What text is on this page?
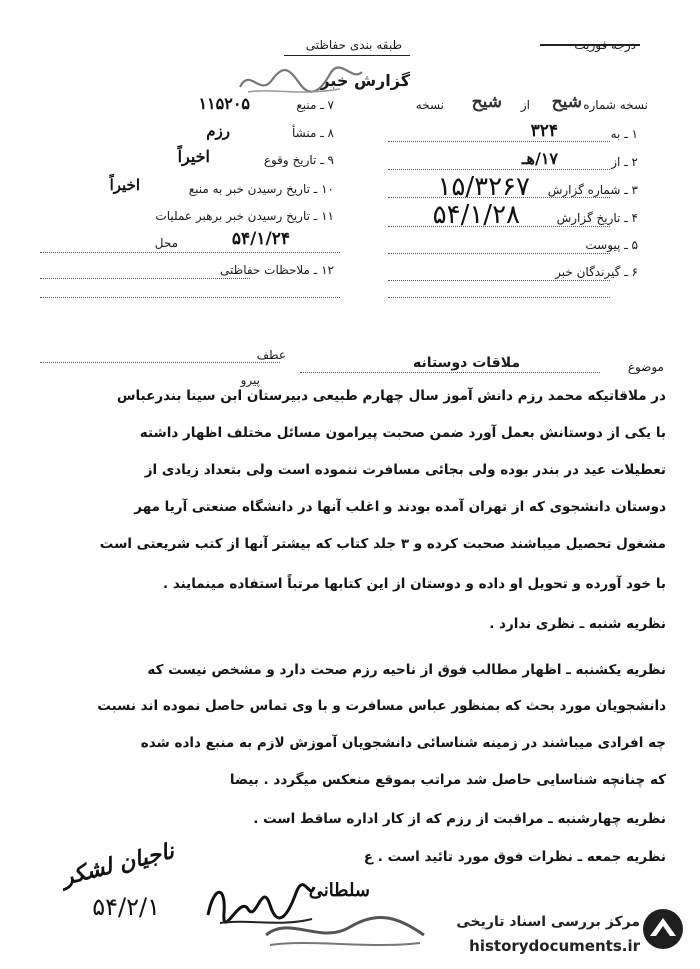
درجه فوریت
طبقه بندی حفاظتی
گزارش خبر
نسخه شماره
شیح
از
شیح
نسخه
۱ ـ به
۳۲۴
۲ ـ از
۱۷/هـ
۳ ـ شماره گزارش
۱۵/۳۲۶۷
۴ ـ تاریخ گزارش
۵۴/۱/۲۸
۵ ـ پیوست
۶ ـ گیرندگان خبر
۷ ـ منبع
۱۱۵۲۰۵
۸ ـ منشأ
رزم
۹ ـ تاریخ وقوع
اخیراً
۱۰ ـ تاریخ رسیدن خبر به منبع
اخیراً
۱۱ ـ تاریخ رسیدن خبر برهبر عملیات
محل	۵۴/۱/۲۴
۱۲ ـ ملاحظات حفاظتی
عطف
پیرو
موضوع
ملاقات دوستانه
در ملاقاتیکه محمد رزم دانش آموز سال چهارم طبیعی دبیرستان ابن سینا بندرعباس
با یکی از دوستانش بعمل آورد ضمن صحبت پیرامون مسائل مختلف اظهار داشته
تعطیلات عید در بندر بوده ولی بجائی مسافرت ننموده است ولی بتعداد زیادی از
دوستان دانشجوی که از تهران آمده بودند و اغلب آنها در دانشگاه صنعتی آریا مهر
مشغول تحصیل میباشند صحبت کرده و ۳ جلد کتاب که بیشتر آنها از کتب شریعتی است
با خود آورده و تحویل او داده و دوستان از این کتابها مرتباً استفاده مینمایند .
نظریه شنبه ـ نظری ندارد .
نظریه یکشنبه ـ اظهار مطالب فوق از ناحیه رزم صحت دارد و مشخص نیست که
دانشجویان مورد بحث که بمنظور عباس مسافرت و با وی تماس حاصل نموده اند نسبت
چه افرادی میباشند در زمینه شناسائی دانشجویان آموزش لازم به منبع داده شده
که چنانچه شناسایی حاصل شد مراتب بموقع منعکس میگردد . بیضا
نظریه چهارشنبه ـ مراقبت از رزم که از کار اداره ساقط است .
نظریه جمعه ـ نظرات فوق مورد تائید است . ع
ناجیان لشکر
۵۴/۲/۱
سلطانی
مرکز بررسی اسناد تاریخی
historydocuments.ir
